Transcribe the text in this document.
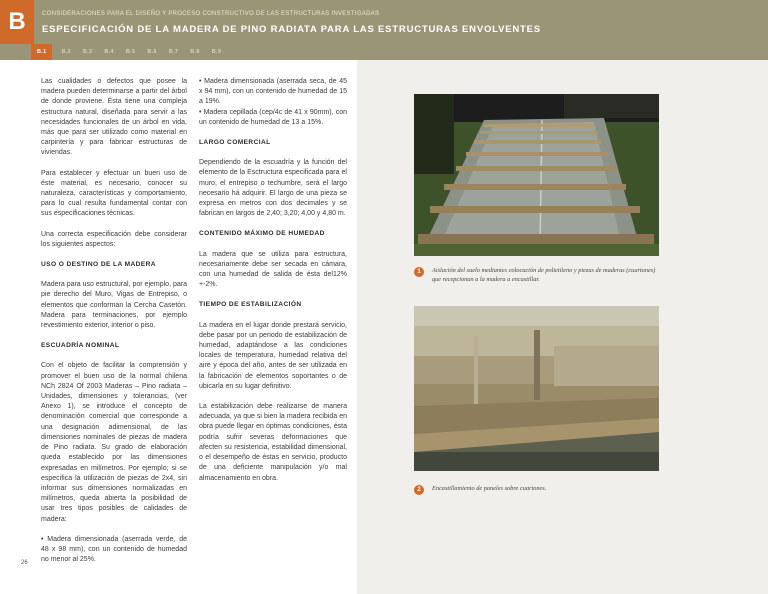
B	CONSIDERACIONES PARA EL DISEÑO Y PROCESO CONSTRUCTIVO DE LAS ESTRUCTURAS INVESTIGADAS
ESPECIFICACIÓN DE LA MADERA DE PINO RADIATA PARA LAS ESTRUCTURAS ENVOLVENTES
B.1	B.2 B.3 B.4 B.5 B.6 B.7 B.8 B.9

Las cualidades o defectos que posee la madera pueden determinarse a partir del árbol de donde proviene. Ésta tiene una compleja estructura natural, diseñada para servir a las necesidades funcionales de un árbol en vida, más que para ser utilizado como material en carpintería y para fabricar estructuras de viviendas.

Para establecer y efectuar un buen uso de éste material, es necesario, conocer su naturaleza, características y comportamiento, para lo cual resulta fundamental contar con sus especificaciones técnicas.

Una correcta especificación debe considerar los siguientes aspectos:

USO O DESTINO DE LA MADERA

Madera para uso estructural, por ejemplo, para pie derecho del Muro, Vigas de Entrepiso, o elementos que conforman la Cercha Casetón. Madera para terminaciones, por ejemplo revestimiento exterior, interior o piso.

ESCUADRÍA NOMINAL

Con el objeto de facilitar la comprensión y promover el buen uso de la normal chilena NCh 2824 Of 2003 Maderas – Pino radiata – Unidades, dimensiones y tolerancias, (ver Anexo 1), se introduce el concepto de denominación comercial que corresponde a una designación adimensional, de las dimensiones nominales de piezas de madera de Pino radiata. Su grado de elaboración queda establecido por las dimensiones expresadas en milímetros. Por ejemplo; si se especifica la utilización de piezas de 2x4, sin informar sus dimensiones normalizadas en milímetros, queda abierta la posibilidad de usar tres tipos posibles de calidades de madera:

• Madera dimensionada (aserrada verde, de 48 x 98 mm), con un contenido de humedad no menor al 25%.

• Madera dimensionada (aserrada seca, de 45 x 94 mm), con un contenido de humedad de 15 a 19%.

• Madera cepillada (cep/4c de 41 x 90mm), con un contenido de humedad de 13 a 15%.

LARGO COMERCIAL

Dependiendo de la escuadría y la función del elemento de la Esctructura especificada para el muro, el entrepiso o techumbre, será el largo necesario há adquirir. El largo de una pieza se expresa en metros con dos decimales y se fabrican en largos de 2,40; 3,20; 4,00 y 4,80 m.

CONTENIDO MÁXIMO DE HUMEDAD

La madera que se utiliza para estructura, necesariamente debe ser secada en cámara, con una humedad de salida de ésta del12% +-2%.

TIEMPO DE ESTABILIZACIÓN

La madera en el lugar donde prestará servicio, debe pasar por un periodo de estabilización de humedad, adaptándose a las condiciones locales de temperatura, humedad relativa del aire y época del año, antes de ser utilizada en la fabricación de elementos soportantes o de ubicarla en su lugar definitivo.

La estabilización debe realizarse de manera adecuada, ya que si bien la madera recibida en obra puede llegar en óptimas condiciones, ésta podría sufrir severas deformaciones que afecten su resistencia, estabilidad dimensional, o el desempeño de éstas en servicio, producto de una deficiente manipulación y/o mal almacenamiento en obra.

26
1	Aislación del suelo mediantes colocación de polietileno y piezas de maderas (cuartones) que recepcionan a la madera a encastillar.
2	Encastillamiento de paneles sobre cuartones.
